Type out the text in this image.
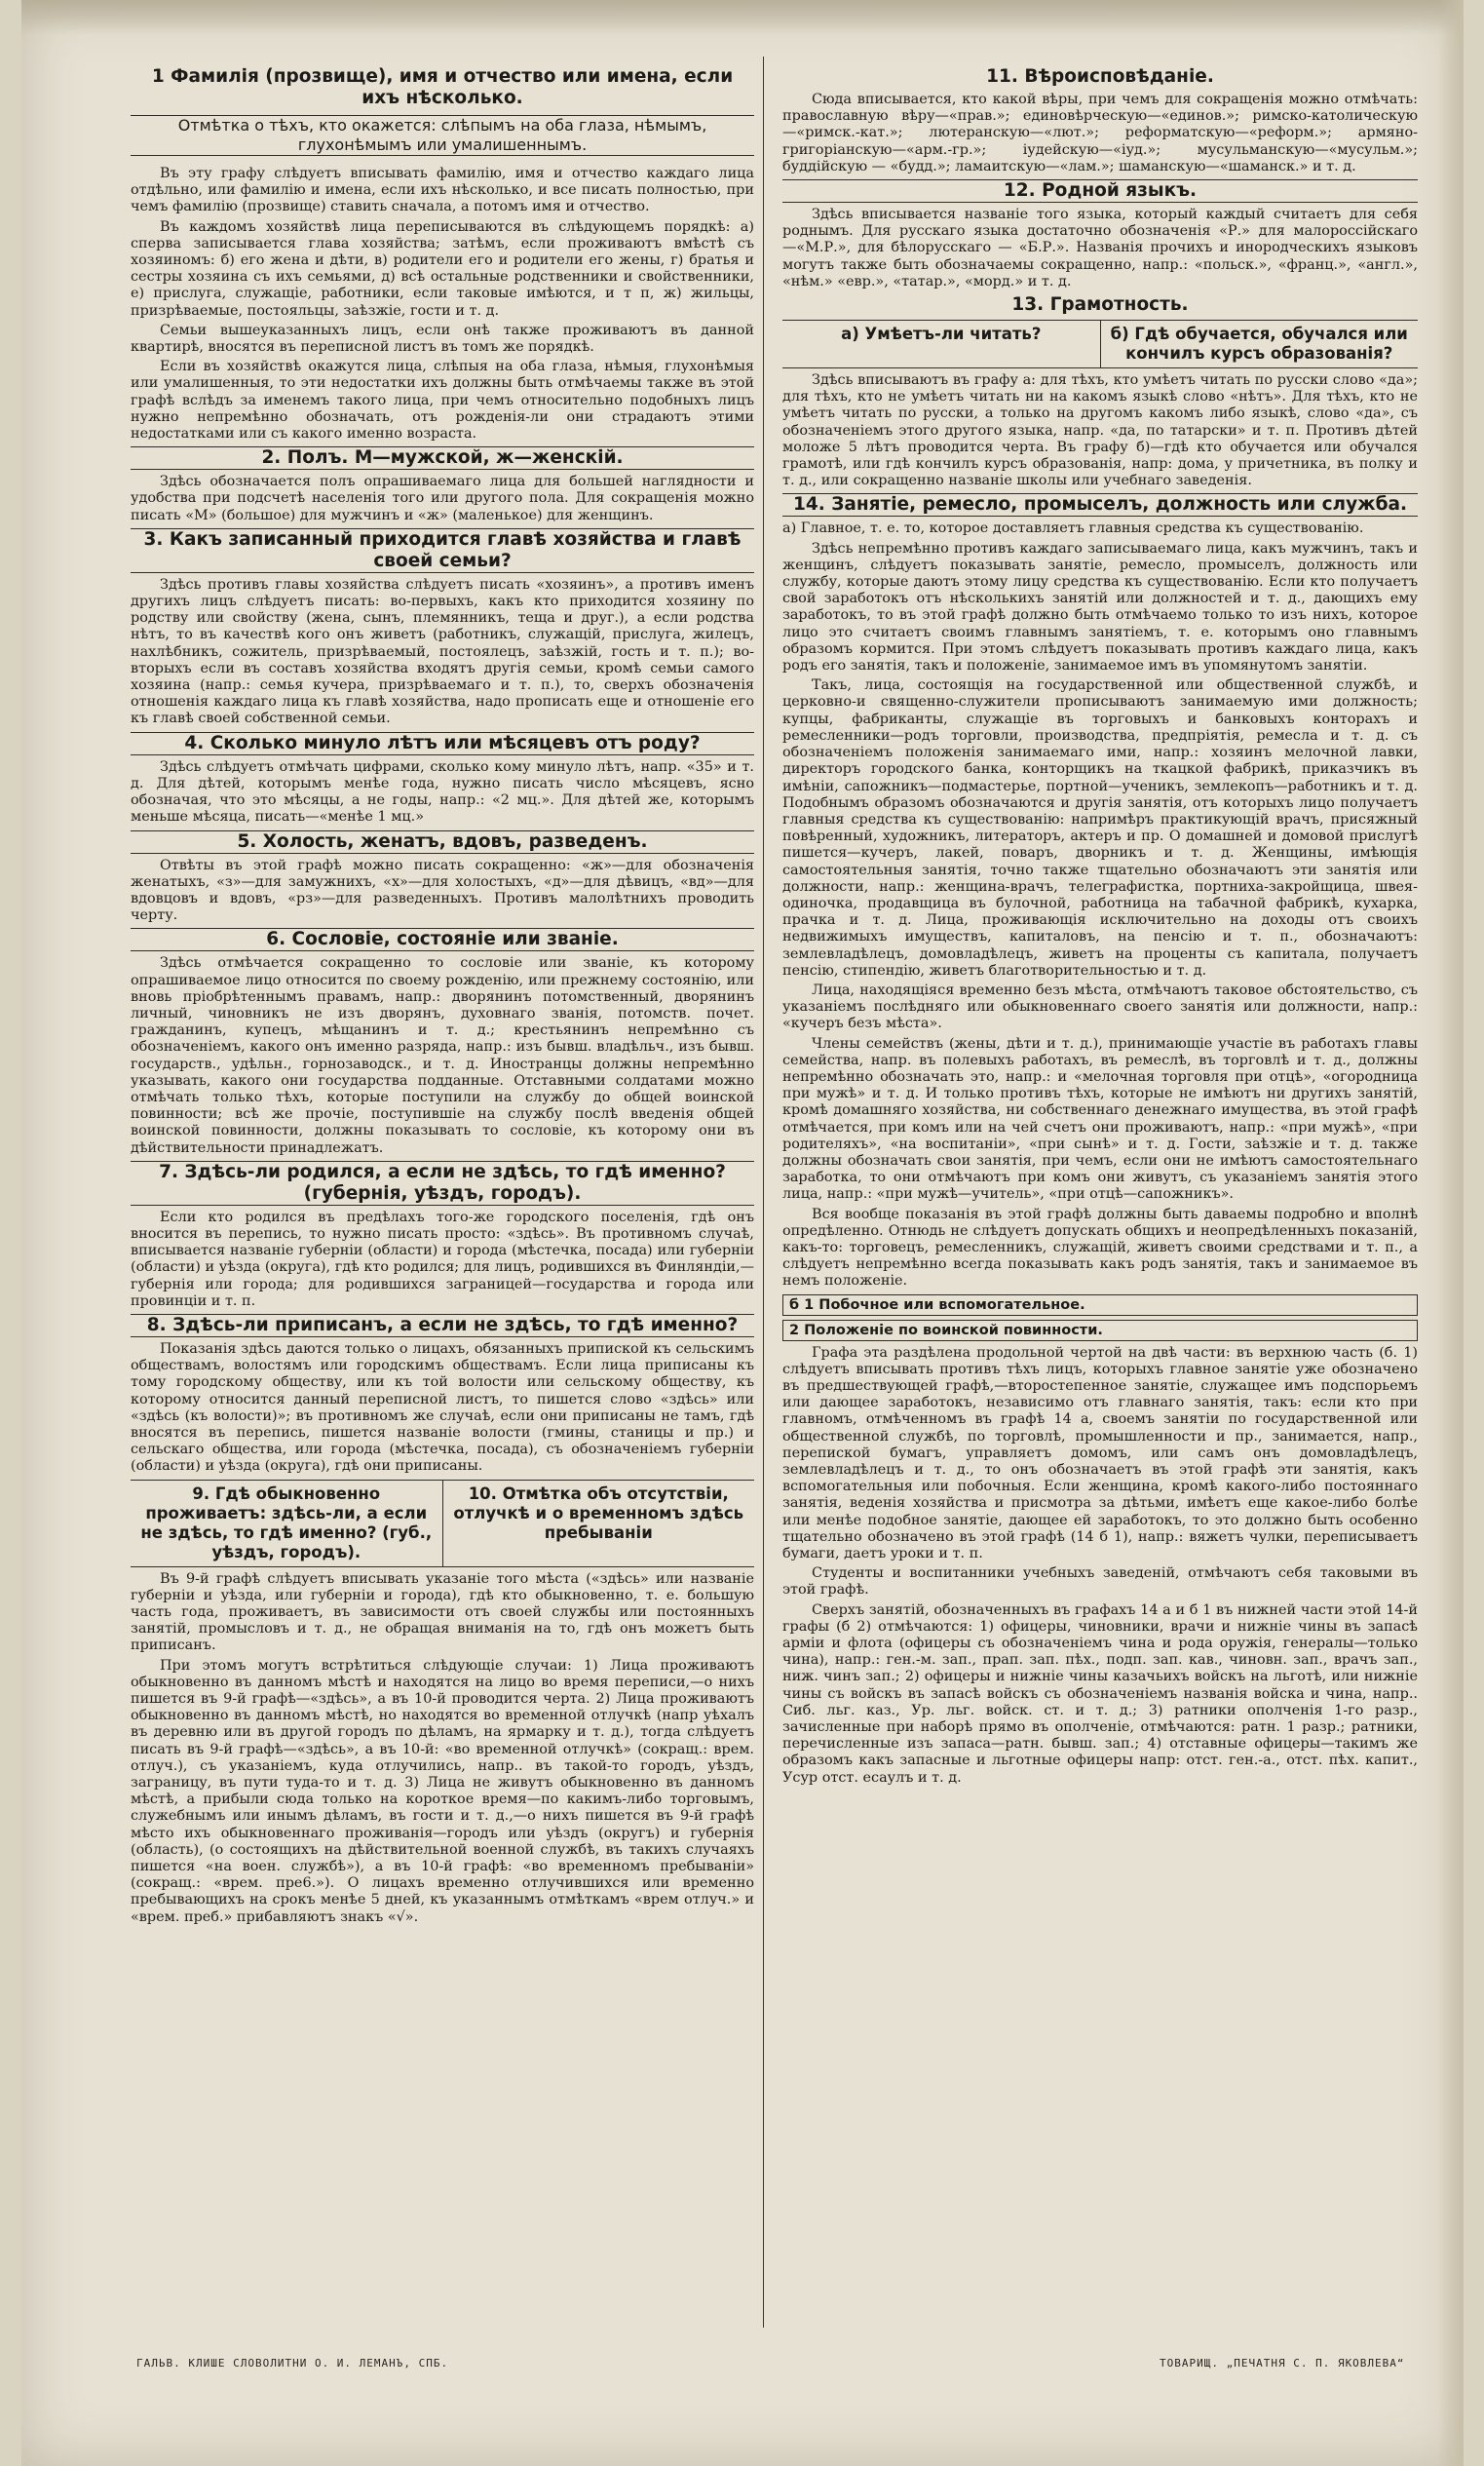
1 Фамилія (прозвище), имя и отчество или имена, если ихъ нѣсколько.
Отмѣтка о тѣхъ, кто окажется: слѣпымъ на оба глаза, нѣмымъ, глухонѣмымъ или умалишеннымъ.

Въ эту графу слѣдуетъ вписывать фамилію, имя и отчество каждаго лица отдѣльно, или фамилію и имена, если ихъ нѣсколько, и все писать полностью, при чемъ фамилію (прозвище) ставить сначала, а потомъ имя и отчество.

Въ каждомъ хозяйствѣ лица переписываются въ слѣдующемъ порядкѣ: а) сперва записывается глава хозяйства; затѣмъ, если проживаютъ вмѣстѣ съ хозяиномъ: б) его жена и дѣти, в) родители его и родители его жены, г) братья и сестры хозяина съ ихъ семьями, д) всѣ остальные родственники и свойственники, е) прислуга, служащіе, работники, если таковые имѣются, и т п, ж) жильцы, призрѣваемые, постояльцы, заѣзжіе, гости и т. д.

Семьи вышеуказанныхъ лицъ, если онѣ также проживаютъ въ данной квартирѣ, вносятся въ переписной листъ въ томъ же порядкѣ.

Если въ хозяйствѣ окажутся лица, слѣпыя на оба глаза, нѣмыя, глухонѣмыя или умалишенныя, то эти недостатки ихъ должны быть отмѣчаемы также въ этой графѣ вслѣдъ за именемъ такого лица, при чемъ относительно подобныхъ лицъ нужно непремѣнно обозначать, отъ рожденія-ли они страдаютъ этими недостатками или съ какого именно возраста.

2. Полъ. М—мужской, ж—женскій.

Здѣсь обозначается полъ опрашиваемаго лица для большей наглядности и удобства при подсчетѣ населенія того или другого пола. Для сокращенія можно писать «М» (большое) для мужчинъ и «ж» (маленькое) для женщинъ.

3. Какъ записанный приходится главѣ хозяйства и главѣ своей семьи?

Здѣсь противъ главы хозяйства слѣдуетъ писать «хозяинъ», а противъ именъ другихъ лицъ слѣдуетъ писать: во-первыхъ, какъ кто приходится хозяину по родству или свойству (жена, сынъ, племянникъ, теща и друг.), а если родства нѣтъ, то въ качествѣ кого онъ живетъ (работникъ, служащій, прислуга, жилецъ, нахлѣбникъ, сожитель, призрѣваемый, постоялецъ, заѣзжій, гость и т. п.); во-вторыхъ если въ составъ хозяйства входятъ другія семьи, кромѣ семьи самого хозяина (напр.: семья кучера, призрѣваемаго и т. п.), то, сверхъ обозначенія отношенія каждаго лица къ главѣ хозяйства, надо прописать еще и отношеніе его къ главѣ своей собственной семьи.

4. Сколько минуло лѣтъ или мѣсяцевъ отъ роду?

Здѣсь слѣдуетъ отмѣчать цифрами, сколько кому минуло лѣтъ, напр. «35» и т. д. Для дѣтей, которымъ менѣе года, нужно писать число мѣсяцевъ, ясно обозначая, что это мѣсяцы, а не годы, напр.: «2 мц.». Для дѣтей же, которымъ меньше мѣсяца, писать—«менѣе 1 мц.»

5. Холость, женатъ, вдовъ, разведенъ.

Отвѣты въ этой графѣ можно писать сокращенно: «ж»—для обозначенія женатыхъ, «з»—для замужнихъ, «х»—для холостыхъ, «д»—для дѣвицъ, «вд»—для вдовцовъ и вдовъ, «рз»—для разведенныхъ. Противъ малолѣтнихъ проводить черту.

6. Сословіе, состояніе или званіе.

Здѣсь отмѣчается сокращенно то сословіе или званіе, къ которому опрашиваемое лицо относится по своему рожденію, или прежнему состоянію, или вновь пріобрѣтеннымъ правамъ, напр.: дворянинъ потомственный, дворянинъ личный, чиновникъ не изъ дворянъ, духовнаго званія, потомств. почет. гражданинъ, купецъ, мѣщанинъ и т. д.; крестьянинъ непремѣнно съ обозначеніемъ, какого онъ именно разряда, напр.: изъ бывш. владѣльч., изъ бывш. государств., удѣльн., горнозаводск., и т. д. Иностранцы должны непремѣнно указывать, какого они государства подданные. Отставными солдатами можно отмѣчать только тѣхъ, которые поступили на службу до общей воинской повинности; всѣ же прочіе, поступившіе на службу послѣ введенія общей воинской повинности, должны показывать то сословіе, къ которому они въ дѣйствительности принадлежатъ.

7. Здѣсь-ли родился, а если не здѣсь, то гдѣ именно? (губернія, уѣздъ, городъ).

Если кто родился въ предѣлахъ того-же городского поселенія, гдѣ онъ вносится въ перепись, то нужно писать просто: «здѣсь». Въ противномъ случаѣ, вписывается названіе губерніи (области) и города (мѣстечка, посада) или губерніи (области) и уѣзда (округа), гдѣ кто родился; для лицъ, родившихся въ Финляндіи,—губернія или города; для родившихся заграницей—государства и города или провинціи и т. п.

8. Здѣсь-ли приписанъ, а если не здѣсь, то гдѣ именно?

Показанія здѣсь даются только о лицахъ, обязанныхъ припиской къ сельскимъ обществамъ, волостямъ или городскимъ обществамъ. Если лица приписаны къ тому городскому обществу, или къ той волости или сельскому обществу, къ которому относится данный переписной листъ, то пишется слово «здѣсь» или «здѣсь (къ волости)»; въ противномъ же случаѣ, если они приписаны не тамъ, гдѣ вносятся въ перепись, пишется названіе волости (гмины, станицы и пр.) и сельскаго общества, или города (мѣстечка, посада), съ обозначеніемъ губерніи (области) и уѣзда (округа), гдѣ они приписаны.

9. Гдѣ обыкновенно проживаетъ: здѣсь-ли, а если не здѣсь, то гдѣ именно? (губ., уѣздъ, городъ).
10. Отмѣтка объ отсутствіи, отлучкѣ и о временномъ здѣсь пребываніи

Въ 9-й графѣ слѣдуетъ вписывать указаніе того мѣста («здѣсь» или названіе губерніи и уѣзда, или губерніи и города), гдѣ кто обыкновенно, т. е. большую часть года, проживаетъ, въ зависимости отъ своей службы или постоянныхъ занятій, промысловъ и т. д., не обращая вниманія на то, гдѣ онъ можетъ быть приписанъ.

При этомъ могутъ встрѣтиться слѣдующіе случаи: 1) Лица проживаютъ обыкновенно въ данномъ мѣстѣ и находятся на лицо во время переписи,—о нихъ пишется въ 9-й графѣ—«здѣсь», а въ 10-й проводится черта. 2) Лица проживаютъ обыкновенно въ данномъ мѣстѣ, но находятся во временной отлучкѣ (напр уѣхалъ въ деревню или въ другой городъ по дѣламъ, на ярмарку и т. д.), тогда слѣдуетъ писать въ 9-й графѣ—«здѣсь», а въ 10-й: «во временной отлучкѣ» (сокращ.: врем. отлуч.), съ указаніемъ, куда отлучились, напр.. въ такой-то городъ, уѣздъ, заграницу, въ пути туда-то и т. д. 3) Лица не живутъ обыкновенно въ данномъ мѣстѣ, а прибыли сюда только на короткое время—по какимъ-либо торговымъ, служебнымъ или инымъ дѣламъ, въ гости и т. д.,—о нихъ пишется въ 9-й графѣ мѣсто ихъ обыкновеннаго проживанія—городъ или уѣздъ (округъ) и губернія (область), (о состоящихъ на дѣйствительной военной службѣ, въ такихъ случаяхъ пишется «на воен. службѣ»), а въ 10-й графѣ: «во временномъ пребываніи» (сокращ.: «врем. пре6.»). О лицахъ временно отлучившихся или временно пребывающихъ на срокъ менѣе 5 дней, къ указаннымъ отмѣткамъ «врем отлуч.» и «врем. преб.» прибавляютъ знакъ «√».

11. Вѣроисповѣданіе.

Сюда вписывается, кто какой вѣры, при чемъ для сокращенія можно отмѣчать: православную вѣру—«прав.»; единовѣрческую—«единов.»; римско-католическую—«римск.-кат.»; лютеранскую—«лют.»; реформатскую—«реформ.»; армяно-григоріанскую—«арм.-гр.»; іудейскую—«іуд.»; мусульманскую—«мусульм.»; буддійскую — «будд.»; ламаитскую—«лам.»; шаманскую—«шаманск.» и т. д.

12. Родной языкъ.

Здѣсь вписывается названіе того языка, который каждый считаетъ для себя роднымъ. Для русскаго языка достаточно обозначенія «Р.» для малороссійскаго—«М.Р.», для бѣлорусскаго — «Б.Р.». Названія прочихъ и инородческихъ языковъ могутъ также быть обозначаемы сокращенно, напр.: «польск.», «франц.», «англ.», «нѣм.» «евр.», «татар.», «морд.» и т. д.

13. Грамотность.
а) Умѣетъ-ли читать?	б) Гдѣ обучается, обучался или кончилъ курсъ образованія?

Здѣсь вписываютъ въ графу а: для тѣхъ, кто умѣетъ читать по русски слово «да»; для тѣхъ, кто не умѣетъ читать ни на какомъ языкѣ слово «нѣтъ». Для тѣхъ, кто не умѣетъ читать по русски, а только на другомъ какомъ либо языкѣ, слово «да», съ обозначеніемъ этого другого языка, напр. «да, по татарски» и т. п. Противъ дѣтей моложе 5 лѣтъ проводится черта. Въ графу б)—гдѣ кто обучается или обучался грамотѣ, или гдѣ кончилъ курсъ образованія, напр: дома, у причетника, въ полку и т. д., или сокращенно названіе школы или учебнаго заведенія.

14. Занятіе, ремесло, промыселъ, должность или служба.

а) Главное, т. е. то, которое доставляетъ главныя средства къ существованію.

Здѣсь непремѣнно противъ каждаго записываемаго лица, какъ мужчинъ, такъ и женщинъ, слѣдуетъ показывать занятіе, ремесло, промыселъ, должность или службу, которые даютъ этому лицу средства къ существованію. Если кто получаетъ свой заработокъ отъ нѣсколькихъ занятій или должностей и т. д., дающихъ ему заработокъ, то въ этой графѣ должно быть отмѣчаемо только то изъ нихъ, которое лицо это считаетъ своимъ главнымъ занятіемъ, т. е. которымъ оно главнымъ образомъ кормится. При этомъ слѣдуетъ показывать противъ каждаго лица, какъ родъ его занятія, такъ и положеніе, занимаемое имъ въ упомянутомъ занятіи.

Такъ, лица, состоящія на государственной или общественной службѣ, и церковно-и священно-служители прописываютъ занимаемую ими должность; купцы, фабриканты, служащіе въ торговыхъ и банковыхъ конторахъ и ремесленники—родъ торговли, производства, предпріятія, ремесла и т. д. съ обозначеніемъ положенія занимаемаго ими, напр.: хозяинъ мелочной лавки, директоръ городского банка, конторщикъ на ткацкой фабрикѣ, приказчикъ въ имѣніи, сапожникъ—подмастерье, портной—ученикъ, землекопъ—работникъ и т. д. Подобнымъ образомъ обозначаются и другія занятія, отъ которыхъ лицо получаетъ главныя средства къ существованію: напримѣръ практикующій врачъ, присяжный повѣренный, художникъ, литераторъ, актеръ и пр. О домашней и домовой прислугѣ пишется—кучеръ, лакей, поваръ, дворникъ и т. д. Женщины, имѣющія самостоятельныя занятія, точно также тщательно обозначаютъ эти занятія или должности, напр.: женщина-врачъ, телеграфистка, портниха-закройщица, швея-одиночка, продавщица въ булочной, работница на табачной фабрикѣ, кухарка, прачка и т. д. Лица, проживающія исключительно на доходы отъ своихъ недвижимыхъ имуществъ, капиталовъ, на пенсію и т. п., обозначаютъ: землевладѣлецъ, домовладѣлецъ, живетъ на проценты съ капитала, получаетъ пенсію, стипендію, живетъ благотворительностью и т. д.

Лица, находящіяся временно безъ мѣста, отмѣчаютъ таковое обстоятельство, съ указаніемъ послѣдняго или обыкновеннаго своего занятія или должности, напр.: «кучеръ безъ мѣста».

Члены семействъ (жены, дѣти и т. д.), принимающіе участіе въ работахъ главы семейства, напр. въ полевыхъ работахъ, въ ремеслѣ, въ торговлѣ и т. д., должны непремѣнно обозначать это, напр.: и «мелочная торговля при отцѣ», «огородница при мужѣ» и т. д. И только противъ тѣхъ, которые не имѣютъ ни другихъ занятій, кромѣ домашняго хозяйства, ни собственнаго денежнаго имущества, въ этой графѣ отмѣчается, при комъ или на чей счетъ они проживаютъ, напр.: «при мужѣ», «при родителяхъ», «на воспитаніи», «при сынѣ» и т. д. Гости, заѣзжіе и т. д. также должны обозначать свои занятія, при чемъ, если они не имѣютъ самостоятельнаго заработка, то они отмѣчаютъ при комъ они живутъ, съ указаніемъ занятія этого лица, напр.: «при мужѣ—учитель», «при отцѣ—сапожникъ».

Вся вообще показанія въ этой графѣ должны быть даваемы подробно и вполнѣ опредѣленно. Отнюдь не слѣдуетъ допускать общихъ и неопредѣленныхъ показаній, какъ-то: торговецъ, ремесленникъ, служащій, живетъ своими средствами и т. п., а слѣдуетъ непремѣнно всегда показывать какъ родъ занятія, такъ и занимаемое въ немъ положеніе.

б 1 Побочное или вспомогательное.
2 Положеніе по воинской повинности.

Графа эта раздѣлена продольной чертой на двѣ части: въ верхнюю часть (б. 1) слѣдуетъ вписывать противъ тѣхъ лицъ, которыхъ главное занятіе уже обозначено въ предшествующей графѣ,—второстепенное занятіе, служащее имъ подспорьемъ или дающее заработокъ, независимо отъ главнаго занятія, такъ: если кто при главномъ, отмѣченномъ въ графѣ 14 а, своемъ занятіи по государственной или общественной службѣ, по торговлѣ, промышленности и пр., занимается, напр., перепиской бумагъ, управляетъ домомъ, или самъ онъ домовладѣлецъ, землевладѣлецъ и т. д., то онъ обозначаетъ въ этой графѣ эти занятія, какъ вспомогательныя или побочныя. Если женщина, кромѣ какого-либо постояннаго занятія, веденія хозяйства и присмотра за дѣтьми, имѣетъ еще какое-либо болѣе или менѣе подобное занятіе, дающее ей заработокъ, то это должно быть особенно тщательно обозначено въ этой графѣ (14 б 1), напр.: вяжетъ чулки, переписываетъ бумаги, даетъ уроки и т. п.

Студенты и воспитанники учебныхъ заведеній, отмѣчаютъ себя таковыми въ этой графѣ.

Сверхъ занятій, обозначенныхъ въ графахъ 14 а и б 1 въ нижней части этой 14-й графы (б 2) отмѣчаются: 1) офицеры, чиновники, врачи и нижніе чины въ запасѣ арміи и флота (офицеры съ обозначеніемъ чина и рода оружія, генералы—только чина), напр.: ген.-м. зап., прап. зап. пѣх., подп. зап. кав., чиновн. зап., врачъ зап., ниж. чинъ зап.; 2) офицеры и нижніе чины казачьихъ войскъ на льготѣ, или нижніе чины съ войскъ въ запасѣ войскъ съ обозначеніемъ названія войска и чина, напр.. Сиб. льг. каз., Ур. льг. войск. ст. и т. д.; 3) ратники ополченія 1-го разр., зачисленные при наборѣ прямо въ ополченіе, отмѣчаются: ратн. 1 разр.; ратники, перечисленные изъ запаса—ратн. бывш. зап.; 4) отставные офицеры—такимъ же образомъ какъ запасные и льготные офицеры напр: отст. ген.-а., отст. пѣх. капит., Усур отст. есаулъ и т. д.

ГАЛЬВ. КЛИШЕ СЛОВОЛИТНИ О. И. ЛЕМАНЪ, СПБ.	ТОВАРИЩ. „ПЕЧАТНЯ С. П. ЯКОВЛЕВА“
